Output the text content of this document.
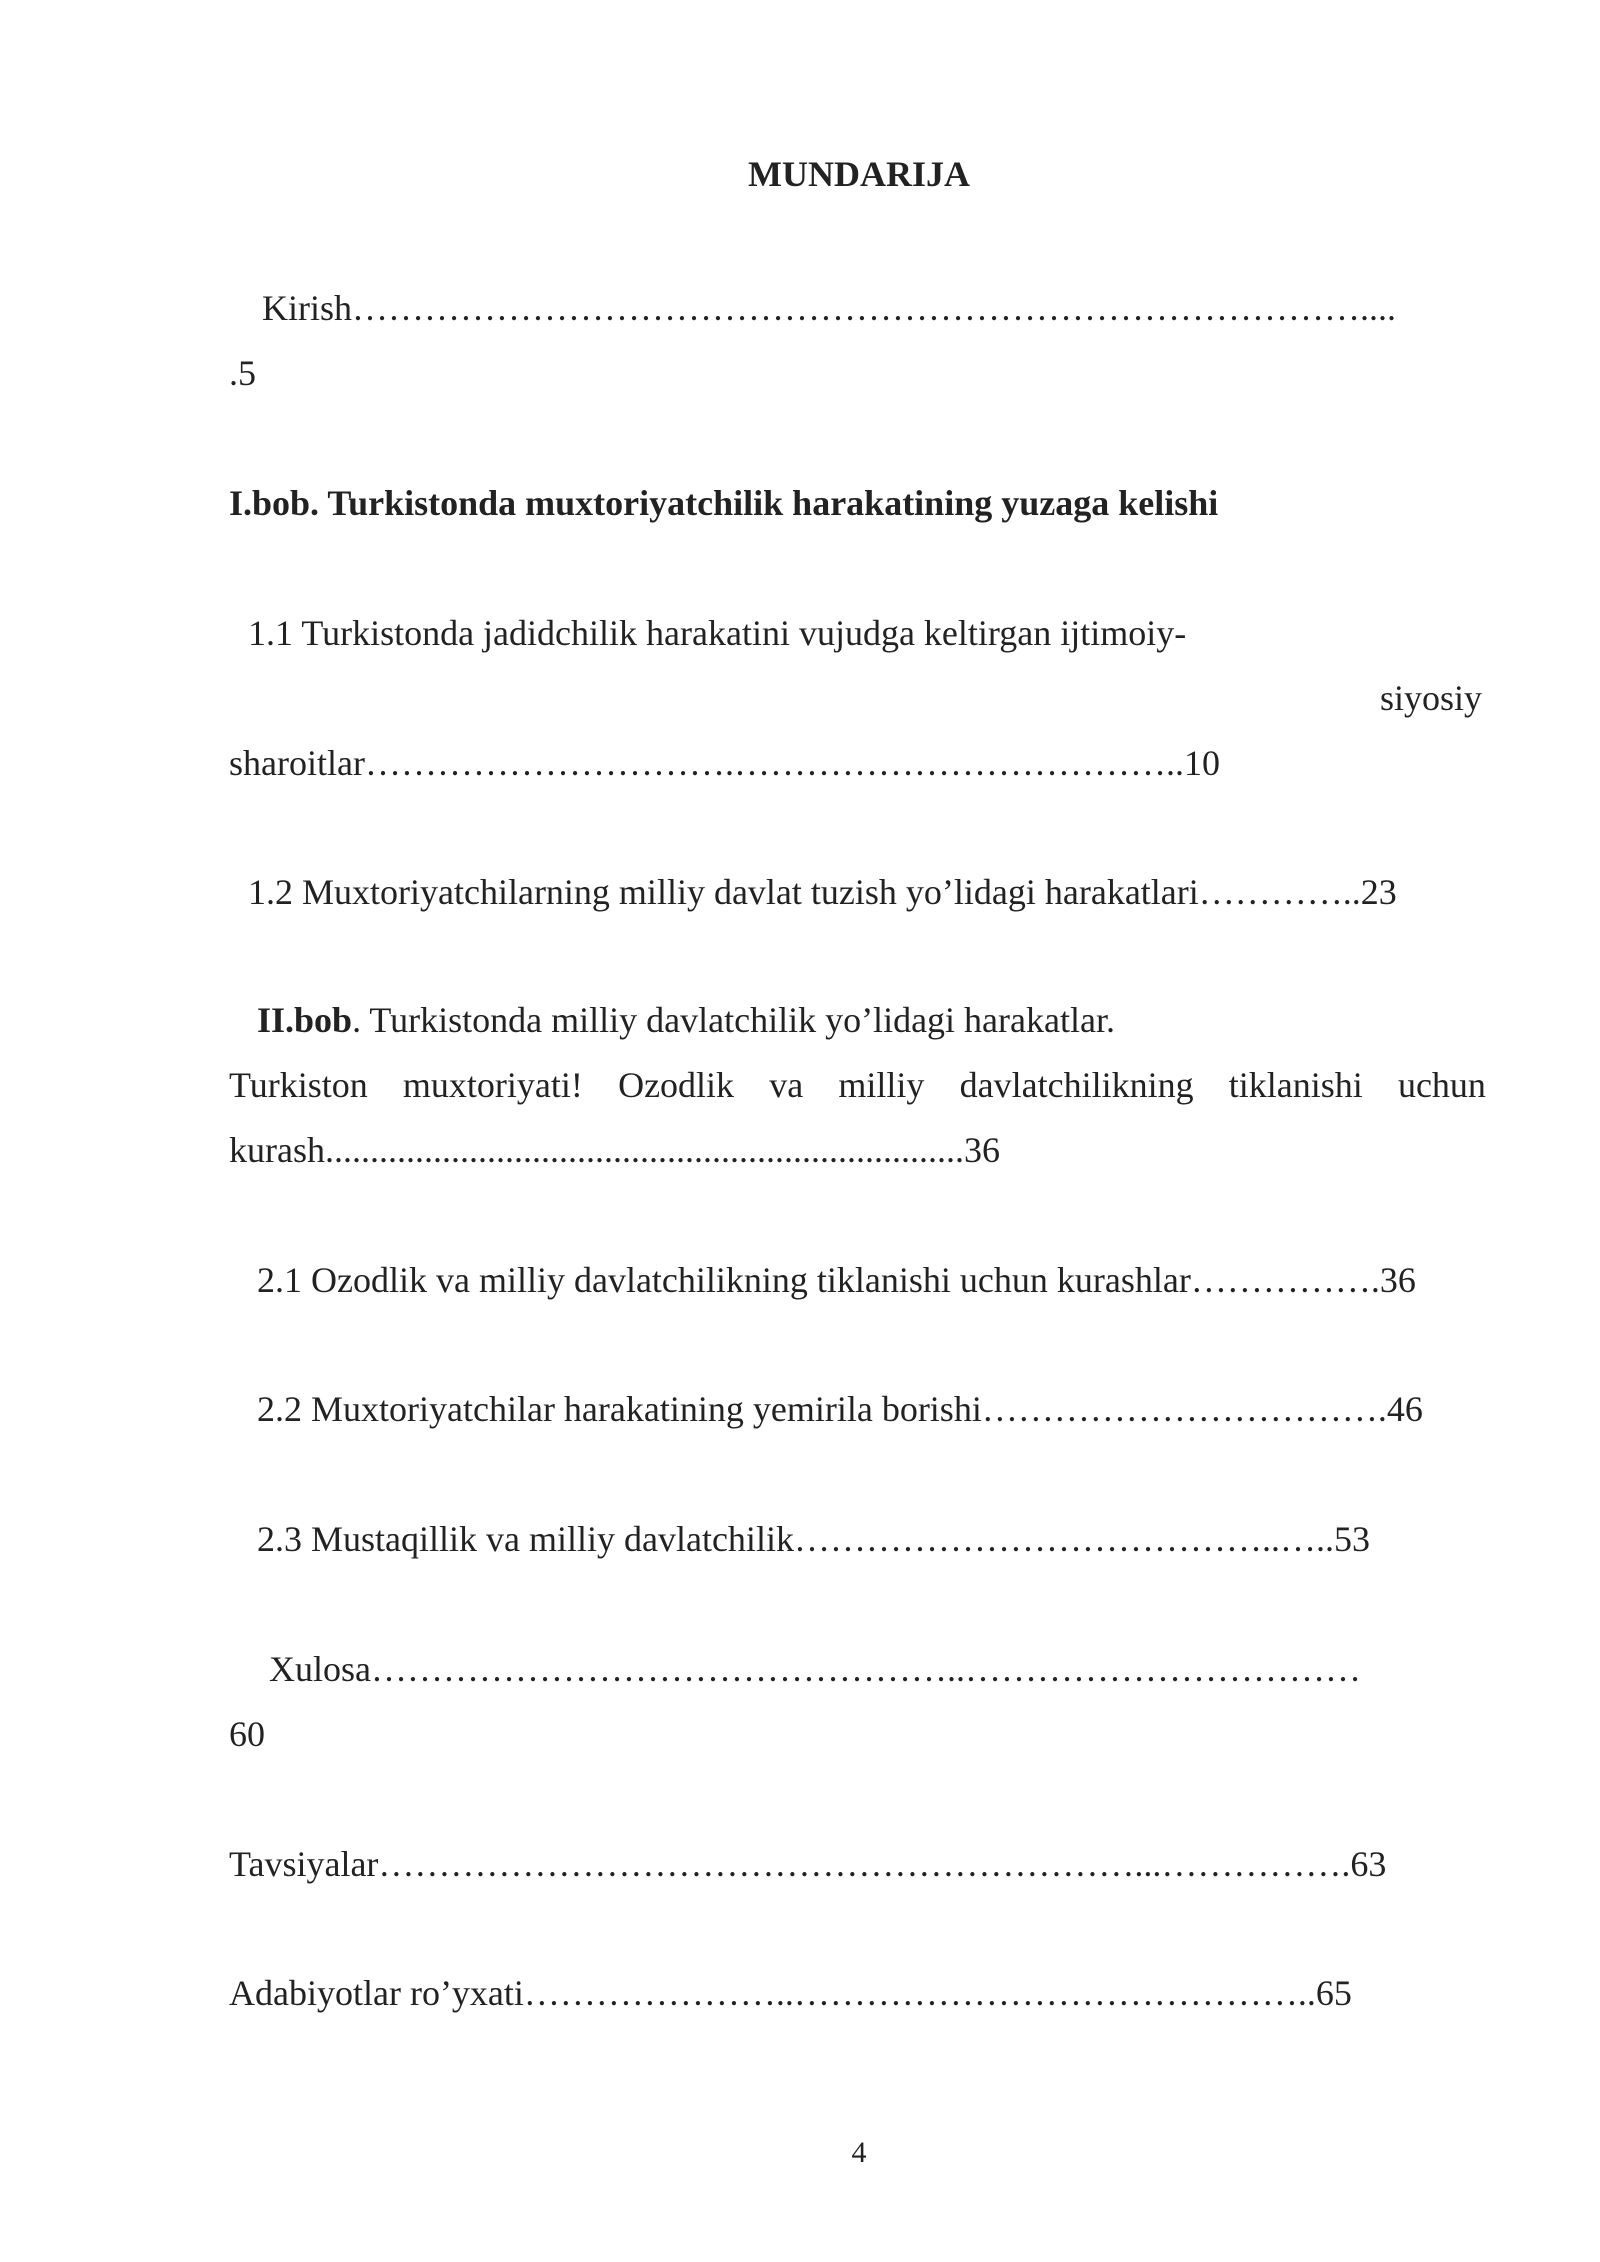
MUNDARIJA
Kirish…………………………………………………………………………....
.5
I.bob. Turkistonda muxtoriyatchilik harakatining yuzaga kelishi
1.1 Turkistonda jadidchilik harakatini vujudga keltirgan ijtimoiy-
siyosiy
sharoitlar………………………….………………………………..10
1.2 Muxtoriyatchilarning milliy davlat tuzish yo’lidagi harakatlari…………..23
II.bob. Turkistonda milliy davlatchilik yo’lidagi harakatlar.
Turkiston muxtoriyati! Ozodlik va milliy davlatchilikning tiklanishi uchun
kurash.......................................................................36
2.1 Ozodlik va milliy davlatchilikning tiklanishi uchun kurashlar…………….36
2.2 Muxtoriyatchilar harakatining yemirila borishi…………………………….46
2.3 Mustaqillik va milliy davlatchilik…………………………………..…..53
Xulosa…………………………………………..……………………………
60
Tavsiyalar………………………………………………………...…………….63
Adabiyotlar ro’yxati…………………..……………………………………..65
4
